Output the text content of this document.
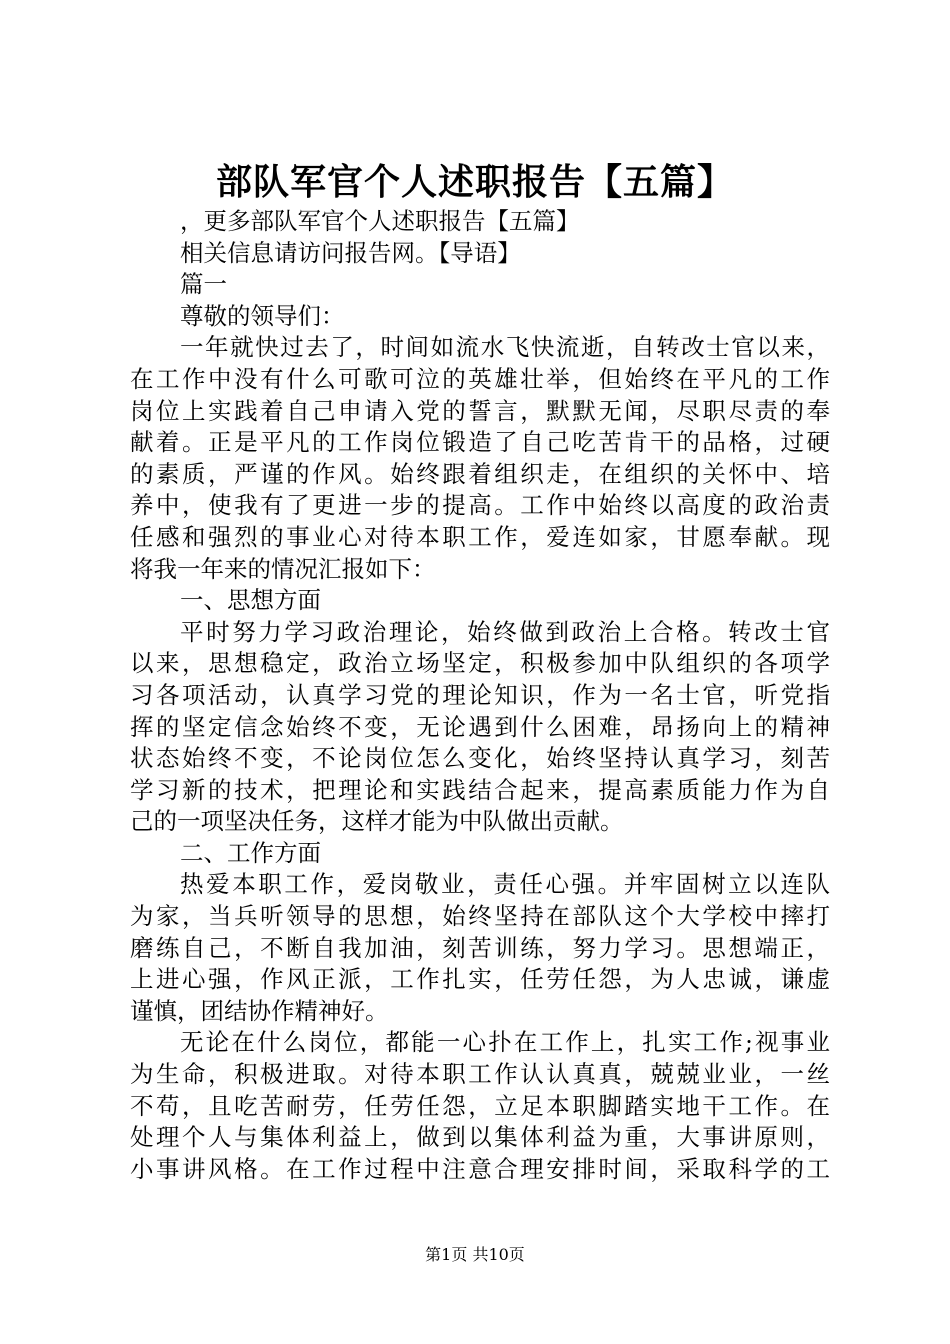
部队军官个人述职报告【五篇】
，更多部队军官个人述职报告【五篇】
相关信息请访问报告网。【导语】
篇一
尊敬的领导们：
一年就快过去了，时间如流水飞快流逝，自转改士官以来，
在工作中没有什么可歌可泣的英雄壮举，但始终在平凡的工作
岗位上实践着自己申请入党的誓言，默默无闻，尽职尽责的奉
献着。正是平凡的工作岗位锻造了自己吃苦肯干的品格，过硬
的素质，严谨的作风。始终跟着组织走，在组织的关怀中、培
养中，使我有了更进一步的提高。工作中始终以高度的政治责
任感和强烈的事业心对待本职工作，爱连如家，甘愿奉献。现
将我一年来的情况汇报如下：
一、思想方面
平时努力学习政治理论，始终做到政治上合格。转改士官
以来，思想稳定，政治立场坚定，积极参加中队组织的各项学
习各项活动，认真学习党的理论知识，作为一名士官，听党指
挥的坚定信念始终不变，无论遇到什么困难，昂扬向上的精神
状态始终不变，不论岗位怎么变化，始终坚持认真学习，刻苦
学习新的技术，把理论和实践结合起来，提高素质能力作为自
己的一项坚决任务，这样才能为中队做出贡献。
二、工作方面
热爱本职工作，爱岗敬业，责任心强。并牢固树立以连队
为家，当兵听领导的思想，始终坚持在部队这个大学校中摔打
磨练自己，不断自我加油，刻苦训练，努力学习。思想端正，
上进心强，作风正派，工作扎实，任劳任怨，为人忠诚，谦虚
谨慎，团结协作精神好。
无论在什么岗位，都能一心扑在工作上，扎实工作;视事业
为生命，积极进取。对待本职工作认认真真，兢兢业业，一丝
不苟，且吃苦耐劳，任劳任怨，立足本职脚踏实地干工作。在
处理个人与集体利益上，做到以集体利益为重，大事讲原则，
小事讲风格。在工作过程中注意合理安排时间，采取科学的工
第1页 共10页
